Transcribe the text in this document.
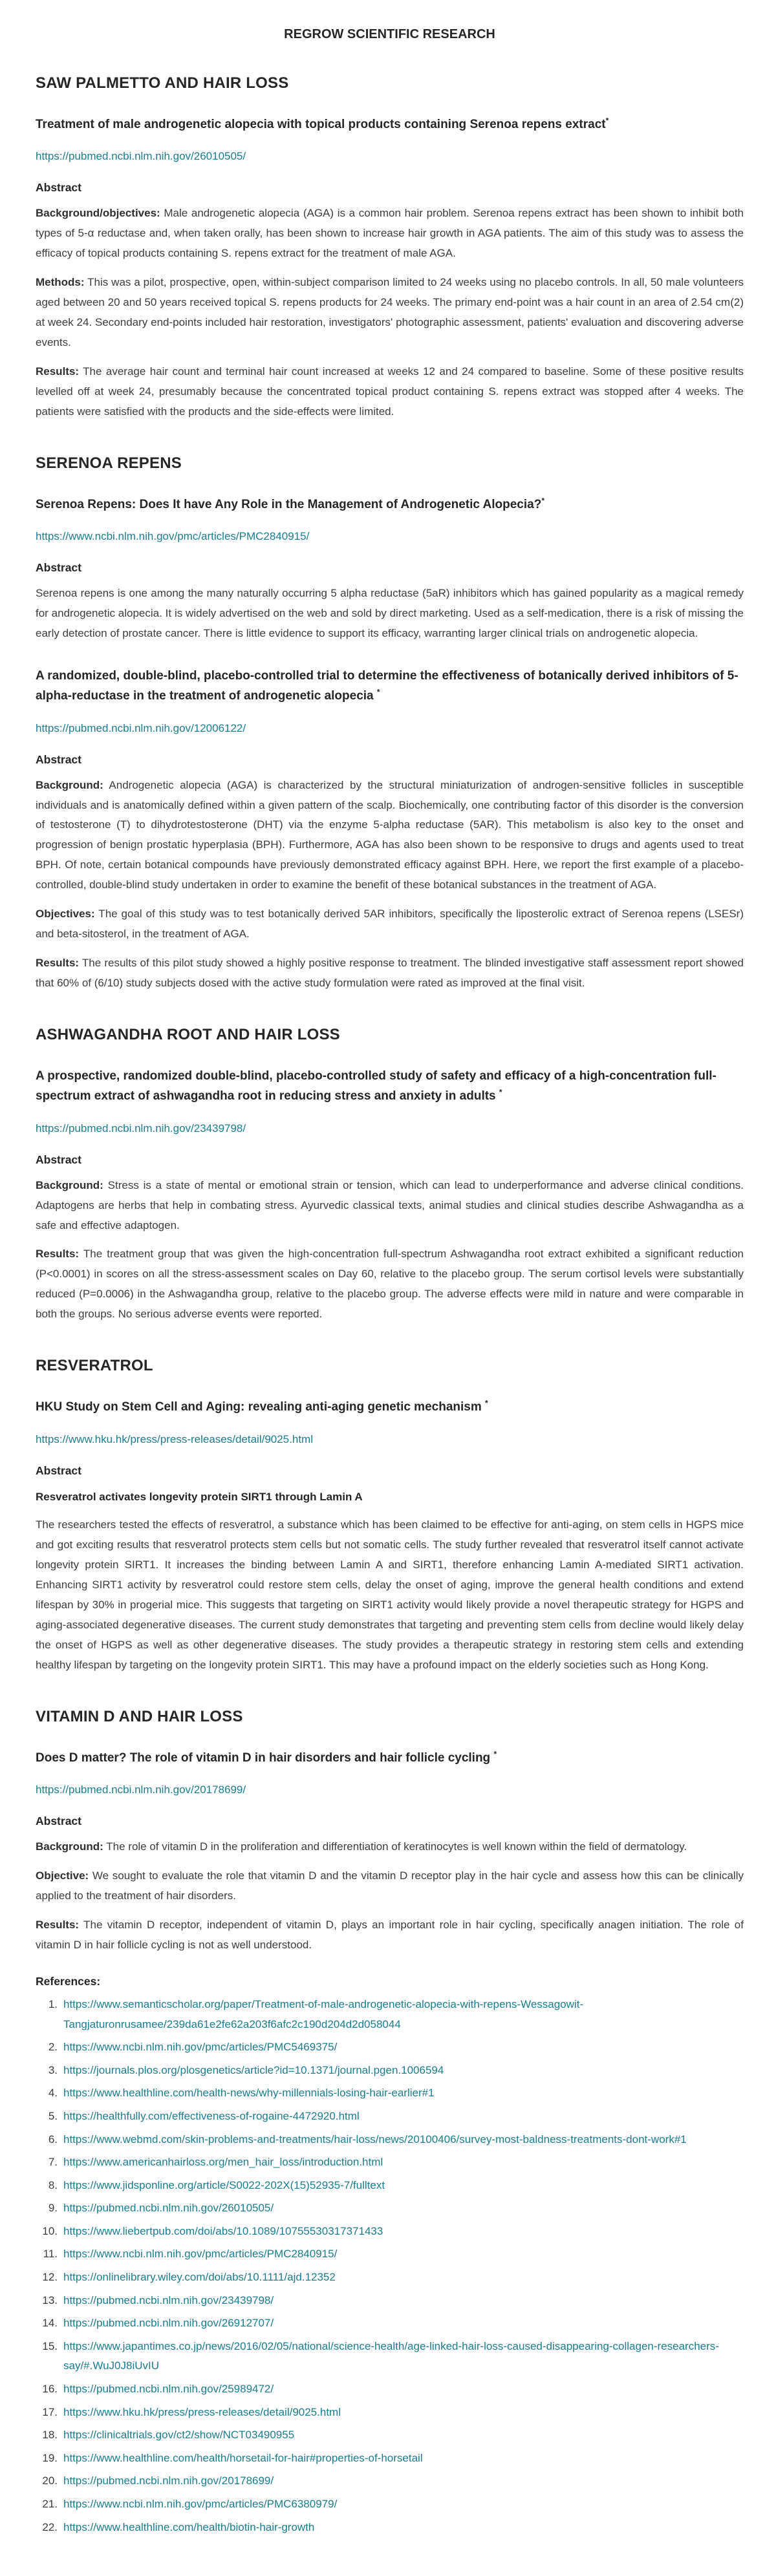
REGROW SCIENTIFIC RESEARCH
SAW PALMETTO AND HAIR LOSS
Treatment of male androgenetic alopecia with topical products containing Serenoa repens extract*
https://pubmed.ncbi.nlm.nih.gov/26010505/
Abstract

Background/objectives: Male androgenetic alopecia (AGA) is a common hair problem. Serenoa repens extract has been shown to inhibit both types of 5-α reductase and, when taken orally, has been shown to increase hair growth in AGA patients. The aim of this study was to assess the efficacy of topical products containing S. repens extract for the treatment of male AGA.

Methods: This was a pilot, prospective, open, within-subject comparison limited to 24 weeks using no placebo controls. In all, 50 male volunteers aged between 20 and 50 years received topical S. repens products for 24 weeks. The primary end-point was a hair count in an area of 2.54 cm(2) at week 24. Secondary end-points included hair restoration, investigators' photographic assessment, patients' evaluation and discovering adverse events.

Results: The average hair count and terminal hair count increased at weeks 12 and 24 compared to baseline. Some of these positive results levelled off at week 24, presumably because the concentrated topical product containing S. repens extract was stopped after 4 weeks. The patients were satisfied with the products and the side-effects were limited.

SERENOA REPENS
Serenoa Repens: Does It have Any Role in the Management of Androgenetic Alopecia?*
https://www.ncbi.nlm.nih.gov/pmc/articles/PMC2840915/
Abstract

Serenoa repens is one among the many naturally occurring 5 alpha reductase (5aR) inhibitors which has gained popularity as a magical remedy for androgenetic alopecia. It is widely advertised on the web and sold by direct marketing. Used as a self-medication, there is a risk of missing the early detection of prostate cancer. There is little evidence to support its efficacy, warranting larger clinical trials on androgenetic alopecia.

A randomized, double-blind, placebo-controlled trial to determine the effectiveness of botanically derived inhibitors of 5-alpha-reductase in the treatment of androgenetic alopecia *
https://pubmed.ncbi.nlm.nih.gov/12006122/
Abstract

Background: Androgenetic alopecia (AGA) is characterized by the structural miniaturization of androgen-sensitive follicles in susceptible individuals and is anatomically defined within a given pattern of the scalp. Biochemically, one contributing factor of this disorder is the conversion of testosterone (T) to dihydrotestosterone (DHT) via the enzyme 5-alpha reductase (5AR). This metabolism is also key to the onset and progression of benign prostatic hyperplasia (BPH). Furthermore, AGA has also been shown to be responsive to drugs and agents used to treat BPH. Of note, certain botanical compounds have previously demonstrated efficacy against BPH. Here, we report the first example of a placebo-controlled, double-blind study undertaken in order to examine the benefit of these botanical substances in the treatment of AGA.

Objectives: The goal of this study was to test botanically derived 5AR inhibitors, specifically the liposterolic extract of Serenoa repens (LSESr) and beta-sitosterol, in the treatment of AGA.

Results: The results of this pilot study showed a highly positive response to treatment. The blinded investigative staff assessment report showed that 60% of (6/10) study subjects dosed with the active study formulation were rated as improved at the final visit.

ASHWAGANDHA ROOT AND HAIR LOSS
A prospective, randomized double-blind, placebo-controlled study of safety and efficacy of a high-concentration full-spectrum extract of ashwagandha root in reducing stress and anxiety in adults *
https://pubmed.ncbi.nlm.nih.gov/23439798/
Abstract

Background: Stress is a state of mental or emotional strain or tension, which can lead to underperformance and adverse clinical conditions. Adaptogens are herbs that help in combating stress. Ayurvedic classical texts, animal studies and clinical studies describe Ashwagandha as a safe and effective adaptogen.

Results: The treatment group that was given the high-concentration full-spectrum Ashwagandha root extract exhibited a significant reduction (P<0.0001) in scores on all the stress-assessment scales on Day 60, relative to the placebo group. The serum cortisol levels were substantially reduced (P=0.0006) in the Ashwagandha group, relative to the placebo group. The adverse effects were mild in nature and were comparable in both the groups. No serious adverse events were reported.

RESVERATROL
HKU Study on Stem Cell and Aging: revealing anti-aging genetic mechanism *
https://www.hku.hk/press/press-releases/detail/9025.html
Abstract

Resveratrol activates longevity protein SIRT1 through Lamin A

The researchers tested the effects of resveratrol, a substance which has been claimed to be effective for anti-aging, on stem cells in HGPS mice and got exciting results that resveratrol protects stem cells but not somatic cells. The study further revealed that resveratrol itself cannot activate longevity protein SIRT1. It increases the binding between Lamin A and SIRT1, therefore enhancing Lamin A-mediated SIRT1 activation. Enhancing SIRT1 activity by resveratrol could restore stem cells, delay the onset of aging, improve the general health conditions and extend lifespan by 30% in progerial mice. This suggests that targeting on SIRT1 activity would likely provide a novel therapeutic strategy for HGPS and aging-associated degenerative diseases. The current study demonstrates that targeting and preventing stem cells from decline would likely delay the onset of HGPS as well as other degenerative diseases. The study provides a therapeutic strategy in restoring stem cells and extending healthy lifespan by targeting on the longevity protein SIRT1. This may have a profound impact on the elderly societies such as Hong Kong.

VITAMIN D AND HAIR LOSS
Does D matter? The role of vitamin D in hair disorders and hair follicle cycling *
https://pubmed.ncbi.nlm.nih.gov/20178699/
Abstract

Background: The role of vitamin D in the proliferation and differentiation of keratinocytes is well known within the field of dermatology.

Objective: We sought to evaluate the role that vitamin D and the vitamin D receptor play in the hair cycle and assess how this can be clinically applied to the treatment of hair disorders.

Results: The vitamin D receptor, independent of vitamin D, plays an important role in hair cycling, specifically anagen initiation. The role of vitamin D in hair follicle cycling is not as well understood.

References:
1. https://www.semanticscholar.org/paper/Treatment-of-male-androgenetic-alopecia-with-repens-Wessagowit-Tangjaturonrusamee/239da61e2fe62a203f6afc2c190d204d2d058044
2. https://www.ncbi.nlm.nih.gov/pmc/articles/PMC5469375/
3. https://journals.plos.org/plosgenetics/article?id=10.1371/journal.pgen.1006594
4. https://www.healthline.com/health-news/why-millennials-losing-hair-earlier#1
5. https://healthfully.com/effectiveness-of-rogaine-4472920.html
6. https://www.webmd.com/skin-problems-and-treatments/hair-loss/news/20100406/survey-most-baldness-treatments-dont-work#1
7. https://www.americanhairloss.org/men_hair_loss/introduction.html
8. https://www.jidsponline.org/article/S0022-202X(15)52935-7/fulltext
9. https://pubmed.ncbi.nlm.nih.gov/26010505/
10. https://www.liebertpub.com/doi/abs/10.1089/10755530317371433
11. https://www.ncbi.nlm.nih.gov/pmc/articles/PMC2840915/
12. https://onlinelibrary.wiley.com/doi/abs/10.1111/ajd.12352
13. https://pubmed.ncbi.nlm.nih.gov/23439798/
14. https://pubmed.ncbi.nlm.nih.gov/26912707/
15. https://www.japantimes.co.jp/news/2016/02/05/national/science-health/age-linked-hair-loss-caused-disappearing-collagen-researchers-say/#.WuJ0J8iUvIU
16. https://pubmed.ncbi.nlm.nih.gov/25989472/
17. https://www.hku.hk/press/press-releases/detail/9025.html
18. https://clinicaltrials.gov/ct2/show/NCT03490955
19. https://www.healthline.com/health/horsetail-for-hair#properties-of-horsetail
20. https://pubmed.ncbi.nlm.nih.gov/20178699/
21. https://www.ncbi.nlm.nih.gov/pmc/articles/PMC6380979/
22. https://www.healthline.com/health/biotin-hair-growth
